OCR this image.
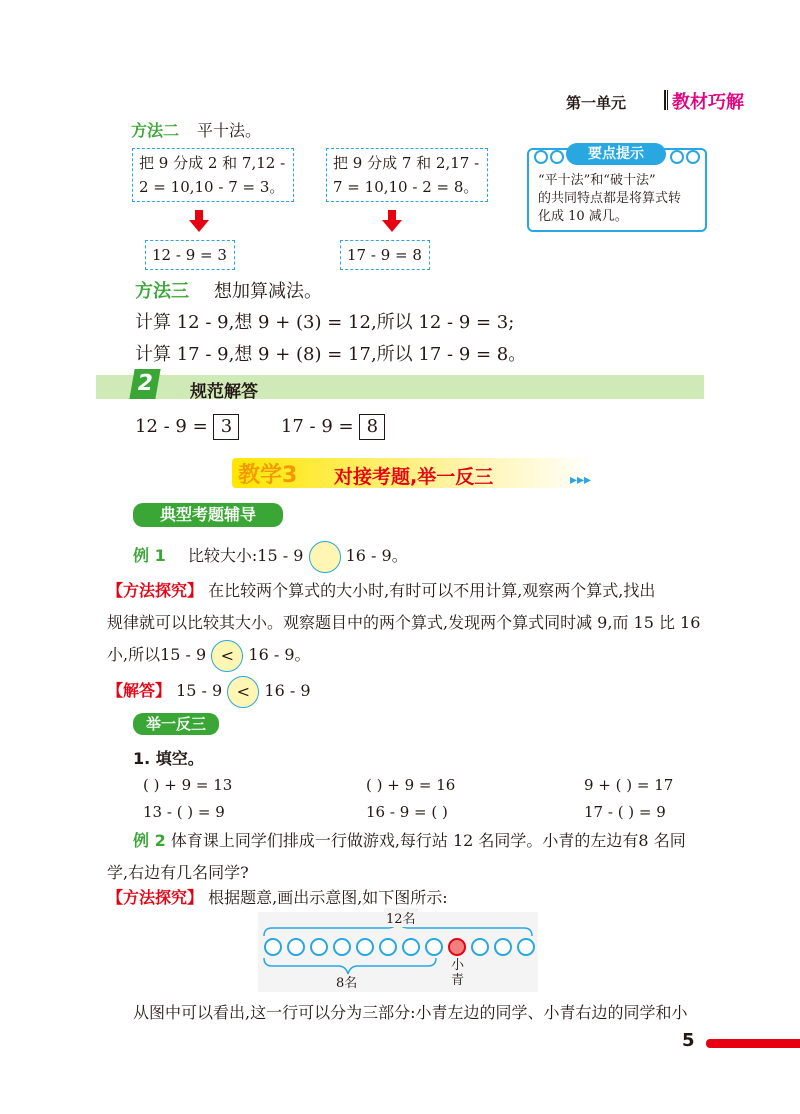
第一单元	教材巧解
方法二 平十法。
把 9 分成 2 和 7,12 -
2 = 10,10 - 7 = 3。
把 9 分成 7 和 2,17 -
7 = 10,10 - 2 = 8。
12 - 9 = 3	17 - 9 = 8
要点提示
“平十法”和“破十法”
的共同特点都是将算式转
化成 10 减几。
方法三 想加算减法。
计算 12 - 9,想 9 + (3) = 12,所以 12 - 9 = 3;
计算 17 - 9,想 9 + (8) = 17,所以 17 - 9 = 8。
2	规范解答
12 - 9 = 3	17 - 9 = 8
教学3 对接考题,举一反三	▸▸▸
典型考题辅导
例 1 比较大小:15 - 9	16 - 9。
【方法探究】 在比较两个算式的大小时,有时可以不用计算,观察两个算式,找出
规律就可以比较其大小。观察题目中的两个算式,发现两个算式同时减 9,而 15 比 16
小,所以15 - 9 < 16 - 9。
【解答】 15 - 9 < 16 - 9
举一反三
1. 填空。
( ) + 9 = 13	( ) + 9 = 16	9 + ( ) = 17
13 - ( ) = 9	16 - 9 = ( )	17 - ( ) = 9
例 2 体育课上同学们排成一行做游戏,每行站 12 名同学。小青的左边有8 名同
学,右边有几名同学?
【方法探究】 根据题意,画出示意图,如下图所示:
12名
8名
小
青
从图中可以看出,这一行可以分为三部分:小青左边的同学、小青右边的同学和小
5
